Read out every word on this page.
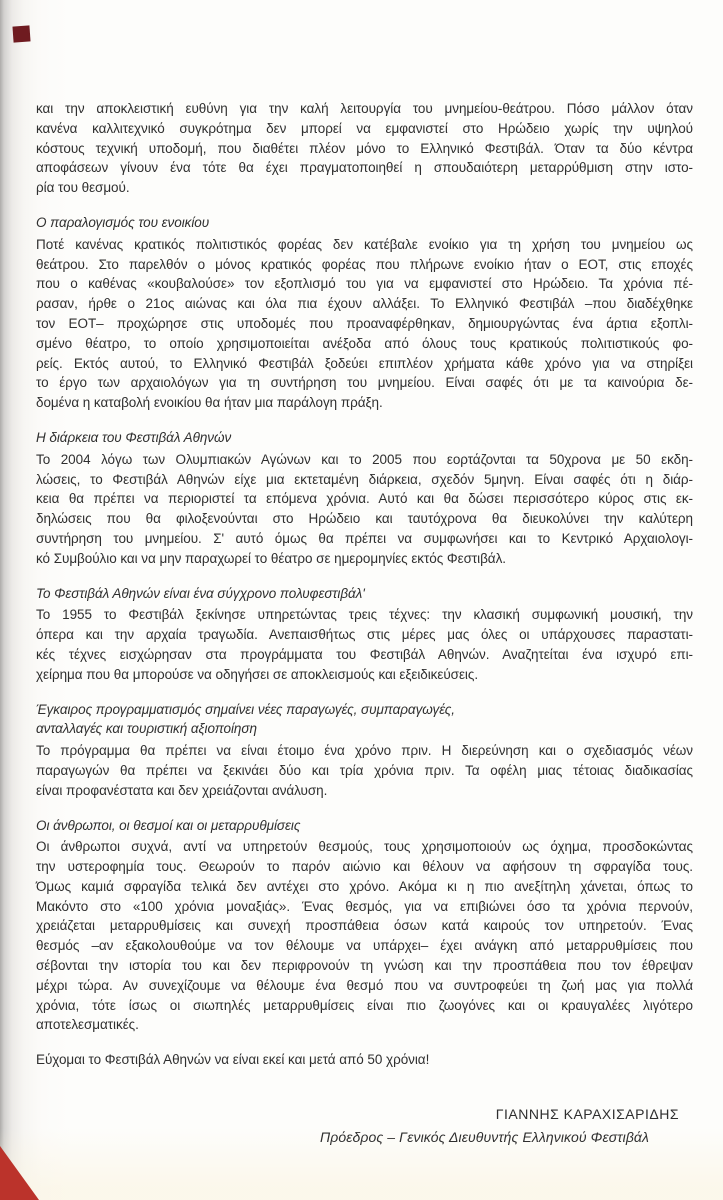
και την αποκλειστική ευθύνη για την καλή λειτουργία του μνημείου-θεάτρου. Πόσο μάλλον όταν
κανένα καλλιτεχνικό συγκρότημα δεν μπορεί να εμφανιστεί στο Ηρώδειο χωρίς την υψηλού
κόστους τεχνική υποδομή, που διαθέτει πλέον μόνο το Ελληνικό Φεστιβάλ. Όταν τα δύο κέντρα
αποφάσεων γίνουν ένα τότε θα έχει πραγματοποιηθεί η σπουδαιότερη μεταρρύθμιση στην ιστο-
ρία του θεσμού.
Ο παραλογισμός του ενοικίου
Ποτέ κανένας κρατικός πολιτιστικός φορέας δεν κατέβαλε ενοίκιο για τη χρήση του μνημείου ως
θεάτρου. Στο παρελθόν ο μόνος κρατικός φορέας που πλήρωνε ενοίκιο ήταν ο ΕΟΤ, στις εποχές
που ο καθένας «κουβαλούσε» τον εξοπλισμό του για να εμφανιστεί στο Ηρώδειο. Τα χρόνια πέ-
ρασαν, ήρθε ο 21ος αιώνας και όλα πια έχουν αλλάξει. Το Ελληνικό Φεστιβάλ –που διαδέχθηκε
τον ΕΟΤ– προχώρησε στις υποδομές που προαναφέρθηκαν, δημιουργώντας ένα άρτια εξοπλι-
σμένο θέατρο, το οποίο χρησιμοποιείται ανέξοδα από όλους τους κρατικούς πολιτιστικούς φο-
ρείς. Εκτός αυτού, το Ελληνικό Φεστιβάλ ξοδεύει επιπλέον χρήματα κάθε χρόνο για να στηρίξει
το έργο των αρχαιολόγων για τη συντήρηση του μνημείου. Είναι σαφές ότι με τα καινούρια δε-
δομένα η καταβολή ενοικίου θα ήταν μια παράλογη πράξη.
Η διάρκεια του Φεστιβάλ Αθηνών
Το 2004 λόγω των Ολυμπιακών Αγώνων και το 2005 που εορτάζονται τα 50χρονα με 50 εκδη-
λώσεις, το Φεστιβάλ Αθηνών είχε μια εκτεταμένη διάρκεια, σχεδόν 5μηνη. Είναι σαφές ότι η διάρ-
κεια θα πρέπει να περιοριστεί τα επόμενα χρόνια. Αυτό και θα δώσει περισσότερο κύρος στις εκ-
δηλώσεις που θα φιλοξενούνται στο Ηρώδειο και ταυτόχρονα θα διευκολύνει την καλύτερη
συντήρηση του μνημείου. Σ' αυτό όμως θα πρέπει να συμφωνήσει και το Κεντρικό Αρχαιολογι-
κό Συμβούλιο και να μην παραχωρεί το θέατρο σε ημερομηνίες εκτός Φεστιβάλ.
Το Φεστιβάλ Αθηνών είναι ένα σύγχρονο πολυφεστιβάλ'
Το 1955 το Φεστιβάλ ξεκίνησε υπηρετώντας τρεις τέχνες: την κλασική συμφωνική μουσική, την
όπερα και την αρχαία τραγωδία. Ανεπαισθήτως στις μέρες μας όλες οι υπάρχουσες παραστατι-
κές τέχνες εισχώρησαν στα προγράμματα του Φεστιβάλ Αθηνών. Αναζητείται ένα ισχυρό επι-
χείρημα που θα μπορούσε να οδηγήσει σε αποκλεισμούς και εξειδικεύσεις.
Έγκαιρος προγραμματισμός σημαίνει νέες παραγωγές, συμπαραγωγές,
ανταλλαγές και τουριστική αξιοποίηση
Το πρόγραμμα θα πρέπει να είναι έτοιμο ένα χρόνο πριν. Η διερεύνηση και ο σχεδιασμός νέων
παραγωγών θα πρέπει να ξεκινάει δύο και τρία χρόνια πριν. Τα οφέλη μιας τέτοιας διαδικασίας
είναι προφανέστατα και δεν χρειάζονται ανάλυση.
Οι άνθρωποι, οι θεσμοί και οι μεταρρυθμίσεις
Οι άνθρωποι συχνά, αντί να υπηρετούν θεσμούς, τους χρησιμοποιούν ως όχημα, προσδοκώντας
την υστεροφημία τους. Θεωρούν το παρόν αιώνιο και θέλουν να αφήσουν τη σφραγίδα τους.
Όμως καμιά σφραγίδα τελικά δεν αντέχει στο χρόνο. Ακόμα κι η πιο ανεξίτηλη χάνεται, όπως το
Μακόντο στο «100 χρόνια μοναξιάς». Ένας θεσμός, για να επιβιώνει όσο τα χρόνια περνούν,
χρειάζεται μεταρρυθμίσεις και συνεχή προσπάθεια όσων κατά καιρούς τον υπηρετούν. Ένας
θεσμός –αν εξακολουθούμε να τον θέλουμε να υπάρχει– έχει ανάγκη από μεταρρυθμίσεις που
σέβονται την ιστορία του και δεν περιφρονούν τη γνώση και την προσπάθεια που τον έθρεψαν
μέχρι τώρα. Αν συνεχίζουμε να θέλουμε ένα θεσμό που να συντροφεύει τη ζωή μας για πολλά
χρόνια, τότε ίσως οι σιωπηλές μεταρρυθμίσεις είναι πιο ζωογόνες και οι κραυγαλέες λιγότερο
αποτελεσματικές.
Εύχομαι το Φεστιβάλ Αθηνών να είναι εκεί και μετά από 50 χρόνια!
ΓΙΑΝΝΗΣ ΚΑΡΑΧΙΣΑΡΙΔΗΣ
Πρόεδρος – Γενικός Διευθυντής Ελληνικού Φεστιβάλ
